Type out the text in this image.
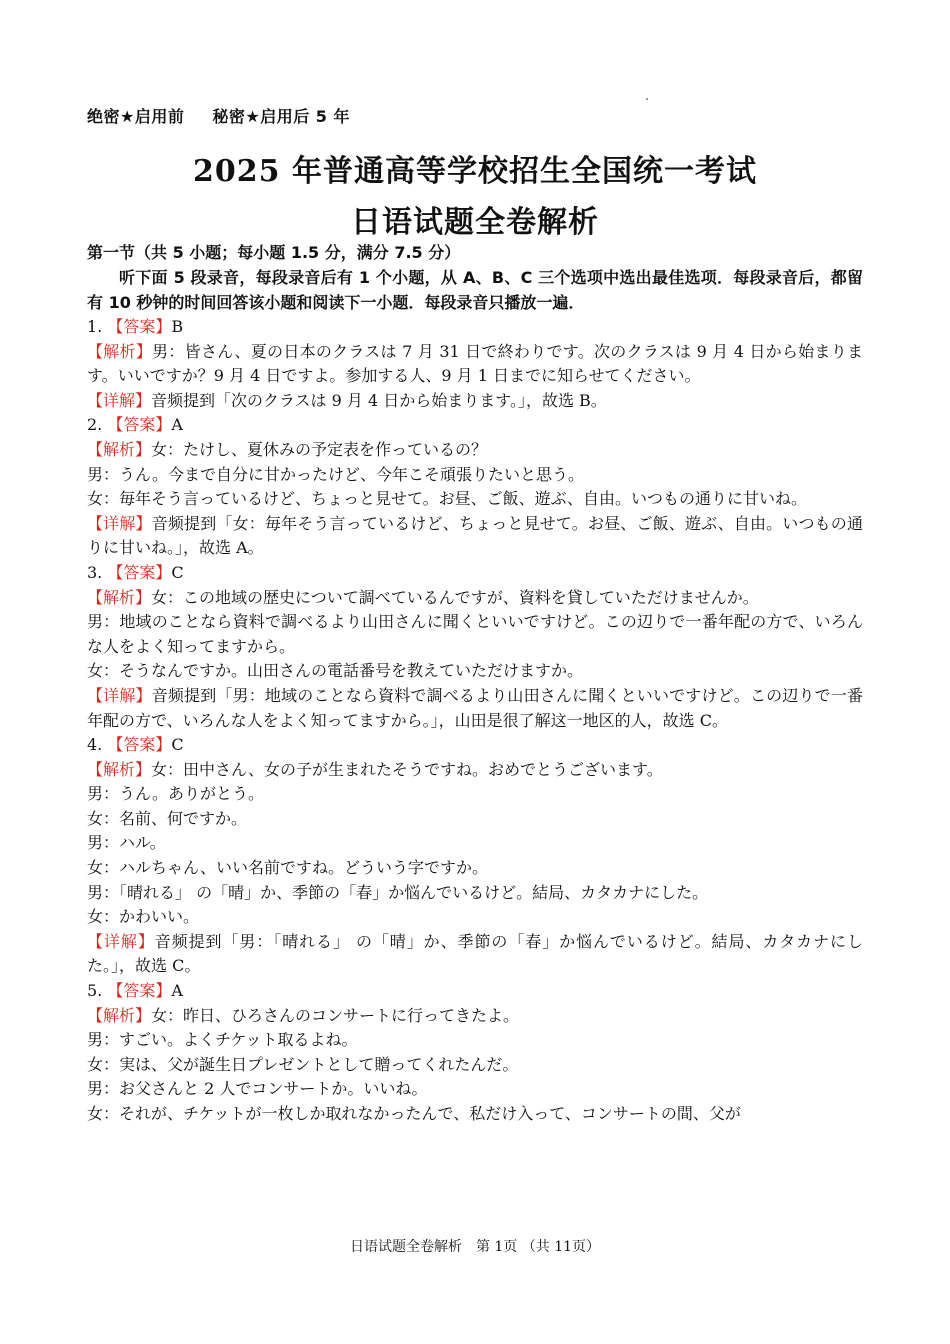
绝密★启用前 秘密★启用后 5 年
2025 年普通高等学校招生全国统一考试
日语试题全卷解析
第一节（共 5 小题；每小题 1.5 分，满分 7.5 分）
听下面 5 段录音，每段录音后有 1 个小题，从 A、B、C 三个选项中选出最佳选项．每段录音后，都留有 10 秒钟的时间回答该小题和阅读下一小题．每段录音只播放一遍．
1. 【答案】B
【解析】男：皆さん、夏の日本のクラスは 7 月 31 日で終わりです。次のクラスは 9 月 4 日から始まります。いいですか？9 月 4 日ですよ。参加する人、9 月 1 日までに知らせてください。
【详解】音频提到「次のクラスは 9 月 4 日から始まります。」，故选 B。
2. 【答案】A
【解析】女：たけし、夏休みの予定表を作っているの？
男：うん。今まで自分に甘かったけど、今年こそ頑張りたいと思う。
女：毎年そう言っているけど、ちょっと見せて。お昼、ご飯、遊ぶ、自由。いつもの通りに甘いね。
【详解】音频提到「女：毎年そう言っているけど、ちょっと見せて。お昼、ご飯、遊ぶ、自由。いつもの通りに甘いね。」，故选 A。
3. 【答案】C
【解析】女：この地域の歴史について調べているんですが、資料を貸していただけませんか。
男：地域のことなら資料で調べるより山田さんに聞くといいですけど。この辺りで一番年配の方で、いろんな人をよく知ってますから。
女：そうなんですか。山田さんの電話番号を教えていただけますか。
【详解】音频提到「男：地域のことなら資料で調べるより山田さんに聞くといいですけど。この辺りで一番年配の方で、いろんな人をよく知ってますから。」，山田是很了解这一地区的人，故选 C。
4. 【答案】C
【解析】女：田中さん、女の子が生まれたそうですね。おめでとうございます。
男：うん。ありがとう。
女：名前、何ですか。
男：ハル。
女：ハルちゃん、いい名前ですね。どういう字ですか。
男：「晴れる」 の「晴」か、季節の「春」か悩んでいるけど。結局、カタカナにした。
女：かわいい。
【详解】音频提到「男：「晴れる」 の「晴」か、季節の「春」か悩んでいるけど。結局、カタカナにした。」，故选 C。
5. 【答案】A
【解析】女：昨日、ひろさんのコンサートに行ってきたよ。
男：すごい。よくチケット取るよね。
女：実は、父が誕生日プレゼントとして贈ってくれたんだ。
男：お父さんと 2 人でコンサートか。いいね。
女：それが、チケットが一枚しか取れなかったんで、私だけ入って、コンサートの間、父が
日语试题全卷解析　第 1页 （共 11页）
